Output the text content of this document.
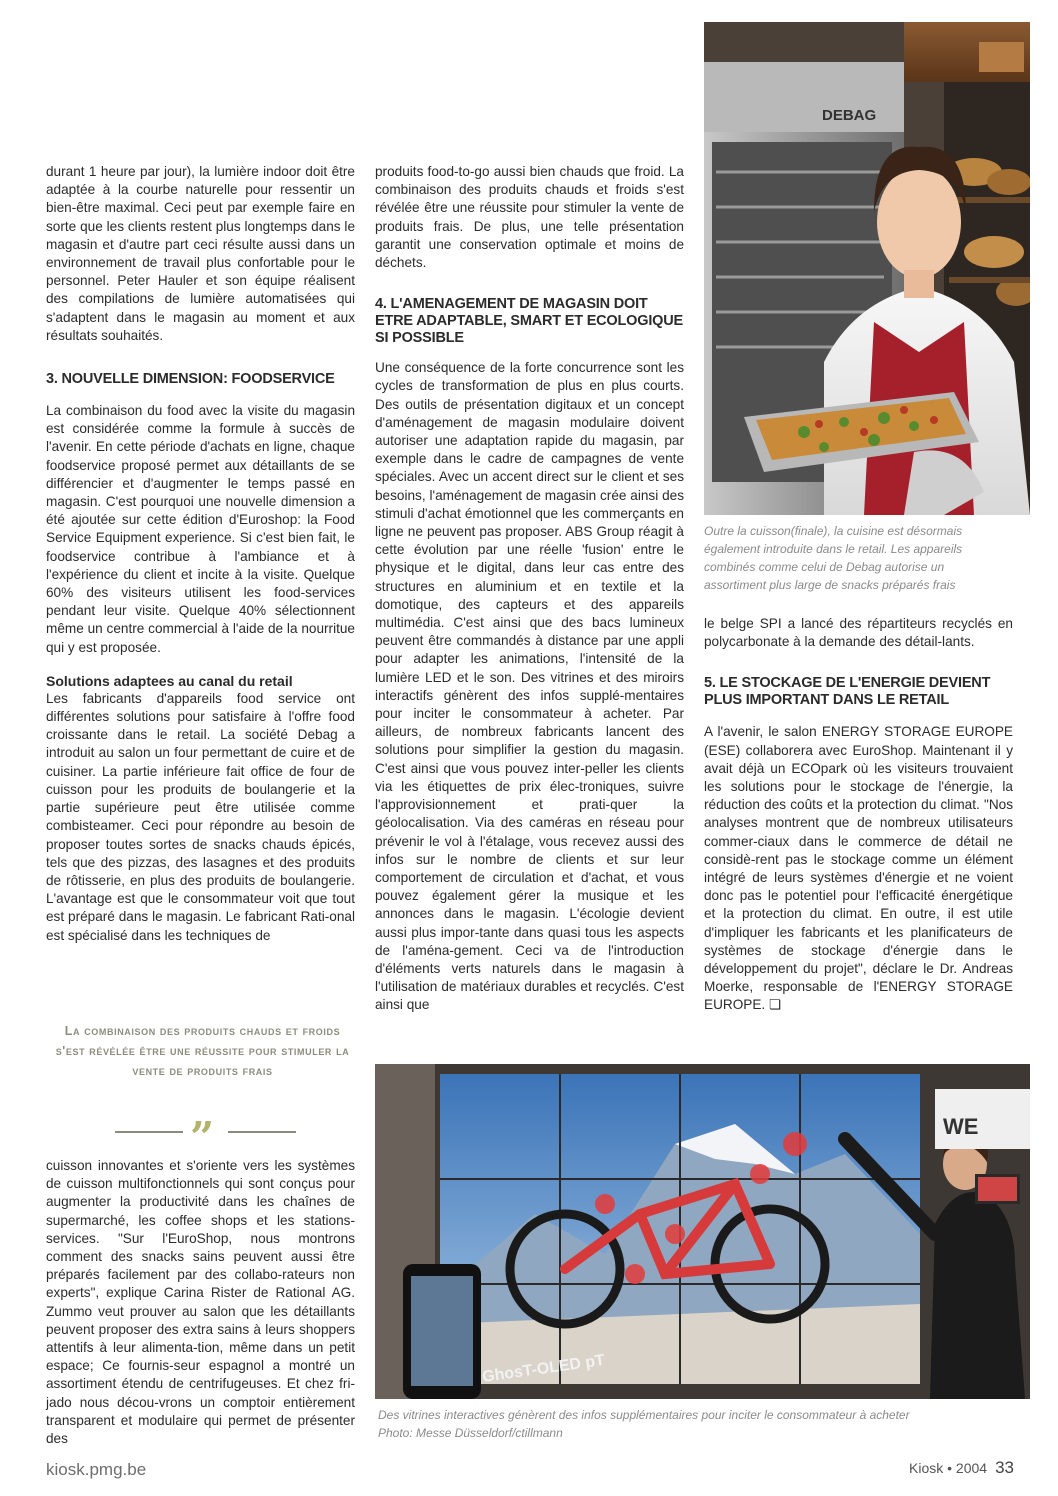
durant 1 heure par jour), la lumière indoor doit être adaptée à la courbe naturelle pour ressentir un bien-être maximal. Ceci peut par exemple faire en sorte que les clients restent plus longtemps dans le magasin et d'autre part ceci résulte aussi dans un environnement de travail plus confortable pour le personnel. Peter Hauler et son équipe réalisent des compilations de lumière automatisées qui s'adaptent dans le magasin au moment et aux résultats souhaités.

3. NOUVELLE DIMENSION: FOODSERVICE

La combinaison du food avec la visite du magasin est considérée comme la formule à succès de l'avenir. En cette période d'achats en ligne, chaque foodservice proposé permet aux détaillants de se différencier et d'augmenter le temps passé en magasin. C'est pourquoi une nouvelle dimension a été ajoutée sur cette édition d'Euroshop: la Food Service Equipment experience. Si c'est bien fait, le foodservice contribue à l'ambiance et à l'expérience du client et incite à la visite. Quelque 60% des visiteurs utilisent les food-services pendant leur visite. Quelque 40% sélectionnent même un centre commercial à l'aide de la nourritue qui y est proposée.

Solutions adaptees au canal du retail

Les fabricants d'appareils food service ont différentes solutions pour satisfaire à l'offre food croissante dans le retail. La société Debag a introduit au salon un four permettant de cuire et de cuisiner. La partie inférieure fait office de four de cuisson pour les produits de boulangerie et la partie supérieure peut être utilisée comme combisteamer. Ceci pour répondre au besoin de proposer toutes sortes de snacks chauds épicés, tels que des pizzas, des lasagnes et des produits de rôtisserie, en plus des produits de boulangerie. L'avantage est que le consommateur voit que tout est préparé dans le magasin. Le fabricant Rati-onal est spécialisé dans les techniques de

La combinaison des produits chauds et froids s'est révélée être une réussite pour stimuler la vente de produits frais
”

cuisson innovantes et s'oriente vers les systèmes de cuisson multifonctionnels qui sont conçus pour augmenter la productivité dans les chaînes de supermarché, les coffee shops et les stations-services. "Sur l'EuroShop, nous montrons comment des snacks sains peuvent aussi être préparés facilement par des collabo-rateurs non experts", explique Carina Rister de Rational AG. Zummo veut prouver au salon que les détaillants peuvent proposer des extra sains à leurs shoppers attentifs à leur alimenta-tion, même dans un petit espace; Ce fournis-seur espagnol a montré un assortiment étendu de centrifugeuses. Et chez fri-jado nous décou-vrons un comptoir entièrement transparent et modulaire qui permet de présenter des

produits food-to-go aussi bien chauds que froid. La combinaison des produits chauds et froids s'est révélée être une réussite pour stimuler la vente de produits frais. De plus, une telle présentation garantit une conservation optimale et moins de déchets.

4. L'AMENAGEMENT DE MAGASIN DOIT ETRE ADAPTABLE, SMART ET ECOLOGIQUE SI POSSIBLE

Une conséquence de la forte concurrence sont les cycles de transformation de plus en plus courts. Des outils de présentation digitaux et un concept d'aménagement de magasin modulaire doivent autoriser une adaptation rapide du magasin, par exemple dans le cadre de campagnes de vente spéciales. Avec un accent direct sur le client et ses besoins, l'aménagement de magasin crée ainsi des stimuli d'achat émotionnel que les commerçants en ligne ne peuvent pas proposer. ABS Group réagit à cette évolution par une réelle 'fusion' entre le physique et le digital, dans leur cas entre des structures en aluminium et en textile et la domotique, des capteurs et des appareils multimédia. C'est ainsi que des bacs lumineux peuvent être commandés à distance par une appli pour adapter les animations, l'intensité de la lumière LED et le son. Des vitrines et des miroirs interactifs génèrent des infos supplé-mentaires pour inciter le consommateur à acheter. Par ailleurs, de nombreux fabricants lancent des solutions pour simplifier la gestion du magasin. C'est ainsi que vous pouvez inter-peller les clients via les étiquettes de prix élec-troniques, suivre l'approvisionnement et prati-quer la géolocalisation. Via des caméras en réseau pour prévenir le vol à l'étalage, vous recevez aussi des infos sur le nombre de clients et sur leur comportement de circulation et d'achat, et vous pouvez également gérer la musique et les annonces dans le magasin. L'écologie devient aussi plus impor-tante dans quasi tous les aspects de l'aména-gement. Ceci va de l'introduction d'éléments verts naturels dans le magasin à l'utilisation de matériaux durables et recyclés. C'est ainsi que

DEBAG
Outre la cuisson(finale), la cuisine est désormais également introduite dans le retail. Les appareils combinés comme celui de Debag autorise un assortiment plus large de snacks préparés frais

le belge SPI a lancé des répartiteurs recyclés en polycarbonate à la demande des détail-lants.

5. LE STOCKAGE DE L'ENERGIE DEVIENT PLUS IMPORTANT DANS LE RETAIL

A l'avenir, le salon ENERGY STORAGE EUROPE (ESE) collaborera avec EuroShop. Maintenant il y avait déjà un ECOpark où les visiteurs trouvaient les solutions pour le stockage de l'énergie, la réduction des coûts et la protection du climat. "Nos analyses montrent que de nombreux utilisateurs commer-ciaux dans le commerce de détail ne considè-rent pas le stockage comme un élément intégré de leurs systèmes d'énergie et ne voient donc pas le potentiel pour l'efficacité énergétique et la protection du climat. En outre, il est utile d'impliquer les fabricants et les planificateurs de systèmes de stockage d'énergie dans le développement du projet", déclare le Dr. Andreas Moerke, responsable de l'ENERGY STORAGE EUROPE. ❏

GhosT-OLED pT
WE
Des vitrines interactives génèrent des infos supplémentaires pour inciter le consommateur à acheter
Photo: Messe Düsseldorf/ctillmann
kiosk.pmg.be	Kiosk • 2004 33
